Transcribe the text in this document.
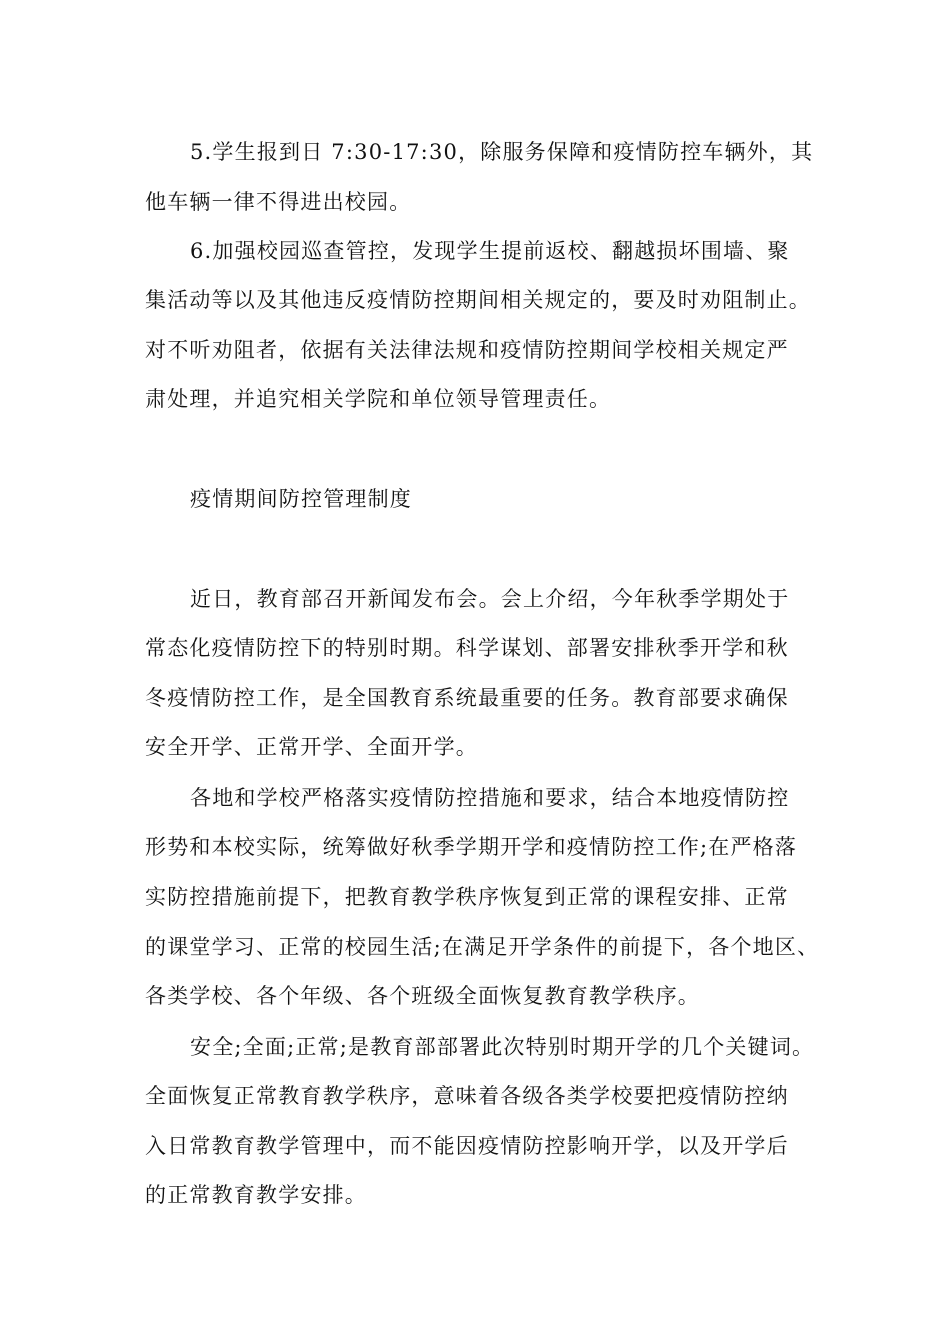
5.学生报到日 7:30-17:30，除服务保障和疫情防控车辆外，其
他车辆一律不得进出校园。
6.加强校园巡查管控，发现学生提前返校、翻越损坏围墙、聚
集活动等以及其他违反疫情防控期间相关规定的，要及时劝阻制止。
对不听劝阻者，依据有关法律法规和疫情防控期间学校相关规定严
肃处理，并追究相关学院和单位领导管理责任。
疫情期间防控管理制度
近日，教育部召开新闻发布会。会上介绍，今年秋季学期处于
常态化疫情防控下的特别时期。科学谋划、部署安排秋季开学和秋
冬疫情防控工作，是全国教育系统最重要的任务。教育部要求确保
安全开学、正常开学、全面开学。
各地和学校严格落实疫情防控措施和要求，结合本地疫情防控
形势和本校实际，统筹做好秋季学期开学和疫情防控工作;在严格落
实防控措施前提下，把教育教学秩序恢复到正常的课程安排、正常
的课堂学习、正常的校园生活;在满足开学条件的前提下，各个地区、
各类学校、各个年级、各个班级全面恢复教育教学秩序。
安全;全面;正常;是教育部部署此次特别时期开学的几个关键词。
全面恢复正常教育教学秩序，意味着各级各类学校要把疫情防控纳
入日常教育教学管理中，而不能因疫情防控影响开学，以及开学后
的正常教育教学安排。
